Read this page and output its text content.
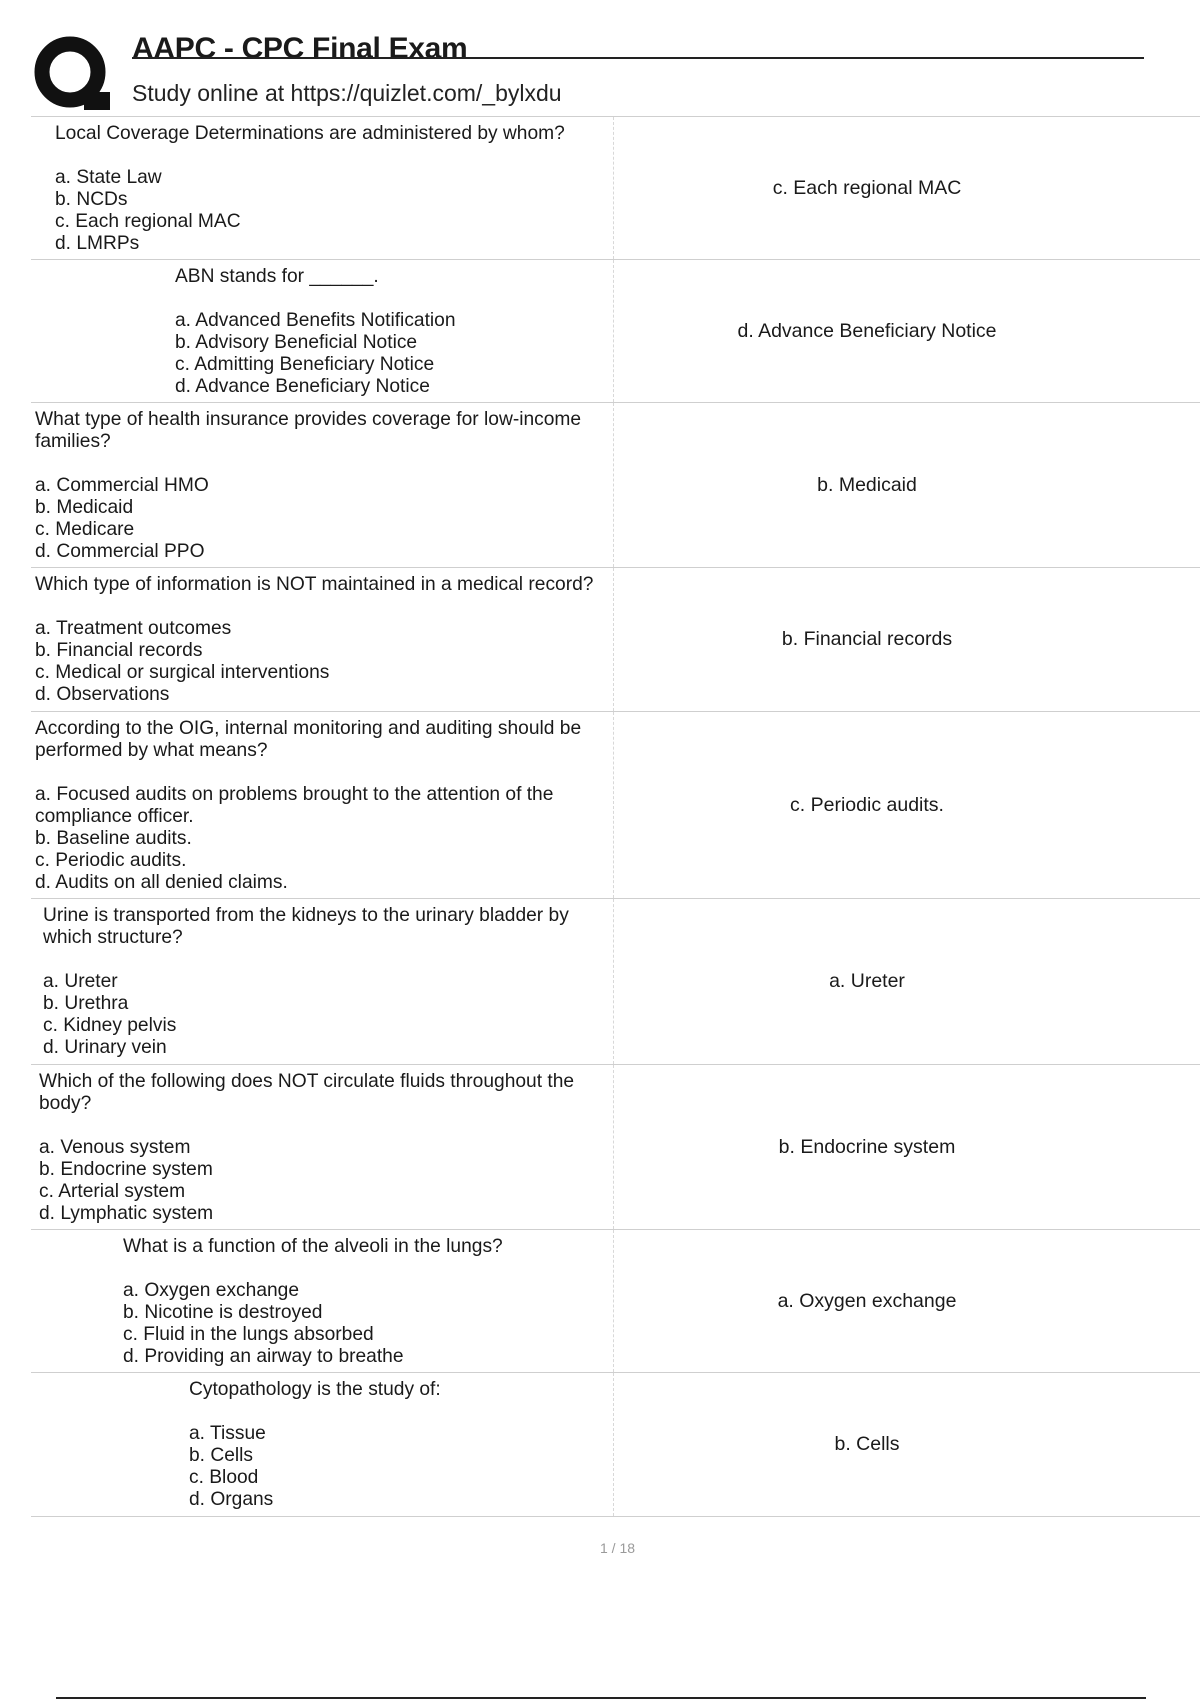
AAPC - CPC Final Exam
Study online at https://quizlet.com/_bylxdu
Local Coverage Determinations are administered by whom?
a. State Law
b. NCDs
c. Each regional MAC
d. LMRPs
c. Each regional MAC
ABN stands for ______.
a. Advanced Benefits Notification
b. Advisory Beneficial Notice
c. Admitting Beneficiary Notice
d. Advance Beneficiary Notice
d. Advance Beneficiary Notice
What type of health insurance provides coverage for low-income families?
a. Commercial HMO
b. Medicaid
c. Medicare
d. Commercial PPO
b. Medicaid
Which type of information is NOT maintained in a medical record?
a. Treatment outcomes
b. Financial records
c. Medical or surgical interventions
d. Observations
b. Financial records
According to the OIG, internal monitoring and auditing should be performed by what means?
a. Focused audits on problems brought to the attention of the compliance officer.
b. Baseline audits.
c. Periodic audits.
d. Audits on all denied claims.
c. Periodic audits.
Urine is transported from the kidneys to the urinary bladder by which structure?
a. Ureter
b. Urethra
c. Kidney pelvis
d. Urinary vein
a. Ureter
Which of the following does NOT circulate fluids throughout the body?
a. Venous system
b. Endocrine system
c. Arterial system
d. Lymphatic system
b. Endocrine system
What is a function of the alveoli in the lungs?
a. Oxygen exchange
b. Nicotine is destroyed
c. Fluid in the lungs absorbed
d. Providing an airway to breathe
a. Oxygen exchange
Cytopathology is the study of:
a. Tissue
b. Cells
c. Blood
d. Organs
b. Cells
1 / 18
